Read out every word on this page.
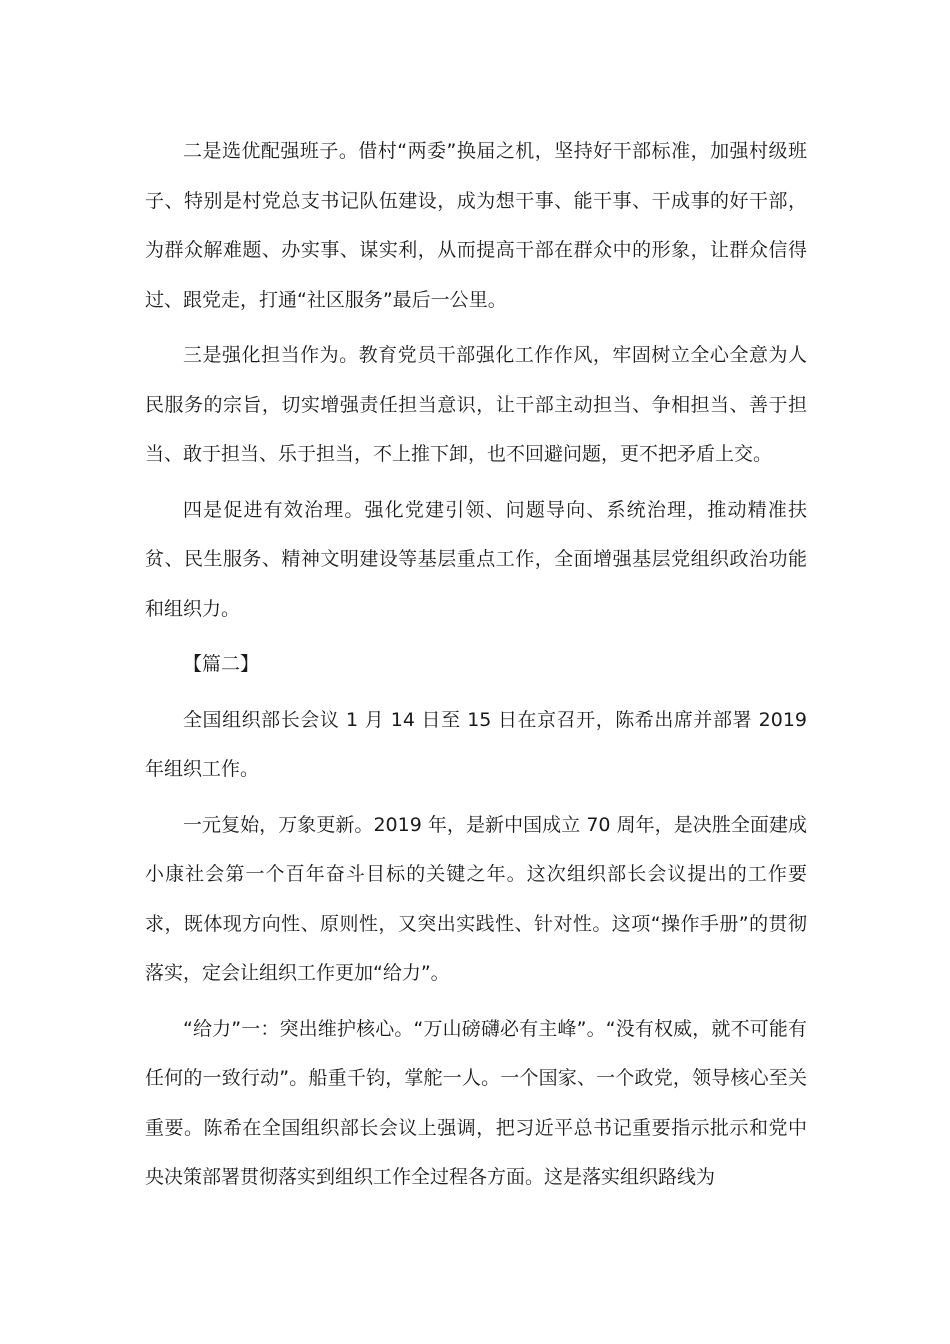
二是选优配强班子。借村“两委”换届之机，坚持好干部标准，加强村级班子、特别是村党总支书记队伍建设，成为想干事、能干事、干成事的好干部，为群众解难题、办实事、谋实利，从而提高干部在群众中的形象，让群众信得过、跟党走，打通“社区服务”最后一公里。

三是强化担当作为。教育党员干部强化工作作风，牢固树立全心全意为人民服务的宗旨，切实增强责任担当意识，让干部主动担当、争相担当、善于担当、敢于担当、乐于担当，不上推下卸，也不回避问题，更不把矛盾上交。

四是促进有效治理。强化党建引领、问题导向、系统治理，推动精准扶贫、民生服务、精神文明建设等基层重点工作，全面增强基层党组织政治功能和组织力。

【篇二】

全国组织部长会议 1 月 14 日至 15 日在京召开，陈希出席并部署 2019 年组织工作。

一元复始，万象更新。2019 年，是新中国成立 70 周年，是决胜全面建成小康社会第一个百年奋斗目标的关键之年。这次组织部长会议提出的工作要求，既体现方向性、原则性，又突出实践性、针对性。这项“操作手册”的贯彻落实，定会让组织工作更加“给力”。

“给力”一：突出维护核心。“万山磅礴必有主峰”。“没有权威，就不可能有任何的一致行动”。船重千钧，掌舵一人。一个国家、一个政党，领导核心至关重要。陈希在全国组织部长会议上强调，把习近平总书记重要指示批示和党中央决策部署贯彻落实到组织工作全过程各方面。这是落实组织路线为
